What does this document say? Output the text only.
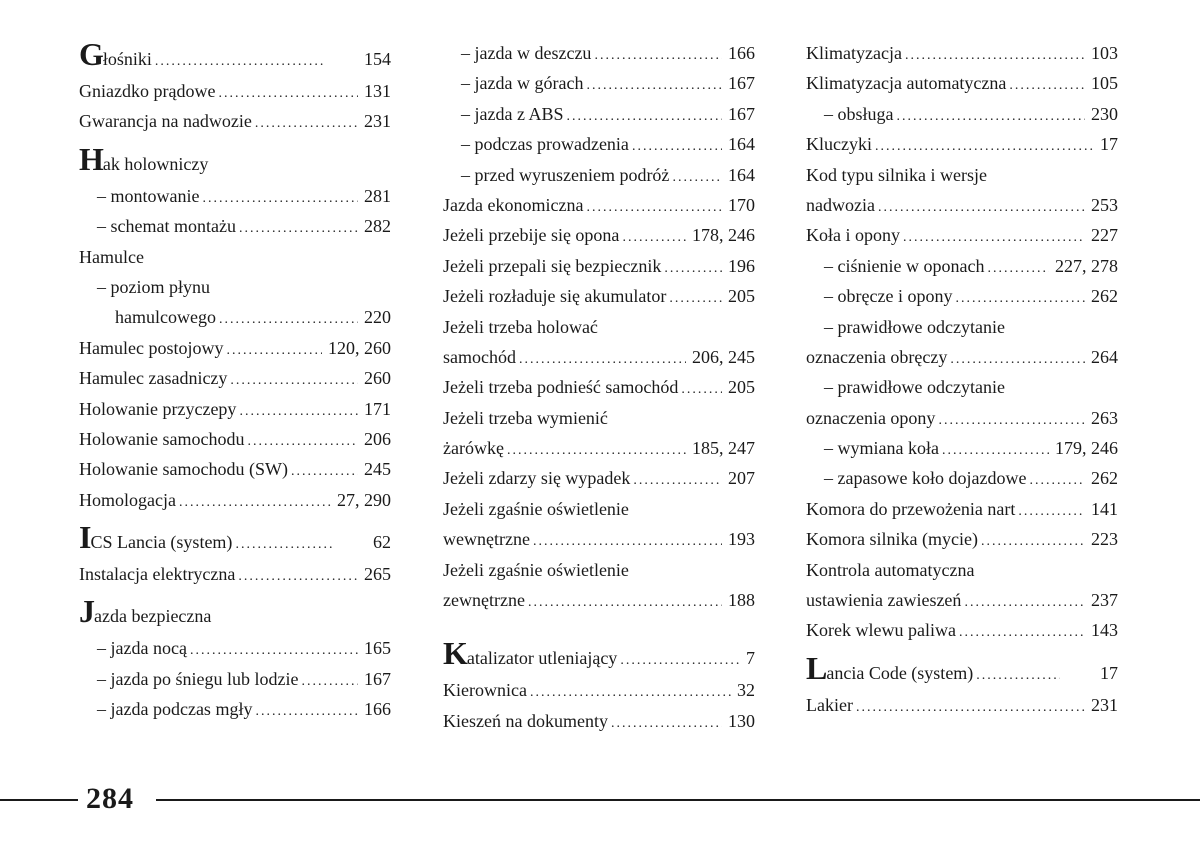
Głośniki .....	154
Gniazdko prądowe .....	131
Gwarancja na nadwozie .....	231
Hak holowniczy
– montowanie .....	281
– schemat montażu .....	282
Hamulce
– poziom płynu
hamulcowego .....	220
Hamulec postojowy .....	120, 260
Hamulec zasadniczy .....	260
Holowanie przyczepy .....	171
Holowanie samochodu .....	206
Holowanie samochodu (SW) .....	245
Homologacja .....	27, 290
ICS Lancia (system) .....	62
Instalacja elektryczna .....	265
Jazda bezpieczna
– jazda nocą .....	165
– jazda po śniegu lub lodzie .....	167
– jazda podczas mgły .....	166
– jazda w deszczu .....	166
– jazda w górach .....	167
– jazda z ABS .....	167
– podczas prowadzenia .....	164
– przed wyruszeniem podróż .....	164
Jazda ekonomiczna .....	170
Jeżeli przebije się opona .....	178, 246
Jeżeli przepali się bezpiecznik .....	196
Jeżeli rozładuje się akumulator .....	205
Jeżeli trzeba holować
samochód .....	206, 245
Jeżeli trzeba podnieść samochód .....	205
Jeżeli trzeba wymienić
żarówkę .....	185, 247
Jeżeli zdarzy się wypadek .....	207
Jeżeli zgaśnie oświetlenie
wewnętrzne .....	193
Jeżeli zgaśnie oświetlenie
zewnętrzne .....	188
Katalizator utleniający .....	7
Kierownica .....	32
Kieszeń na dokumenty .....	130
Klimatyzacja .....	103
Klimatyzacja automatyczna .....	105
– obsługa .....	230
Kluczyki .....	17
Kod typu silnika i wersje
nadwozia .....	253
Koła i opony .....	227
– ciśnienie w oponach .....	227, 278
– obręcze i opony .....	262
– prawidłowe odczytanie
oznaczenia obręczy .....	264
– prawidłowe odczytanie
oznaczenia opony .....	263
– wymiana koła .....	179, 246
– zapasowe koło dojazdowe .....	262
Komora do przewożenia nart .....	141
Komora silnika (mycie) .....	223
Kontrola automatyczna
ustawienia zawieszeń .....	237
Korek wlewu paliwa .....	143
Lancia Code (system) .....	17
Lakier .....	231
284
